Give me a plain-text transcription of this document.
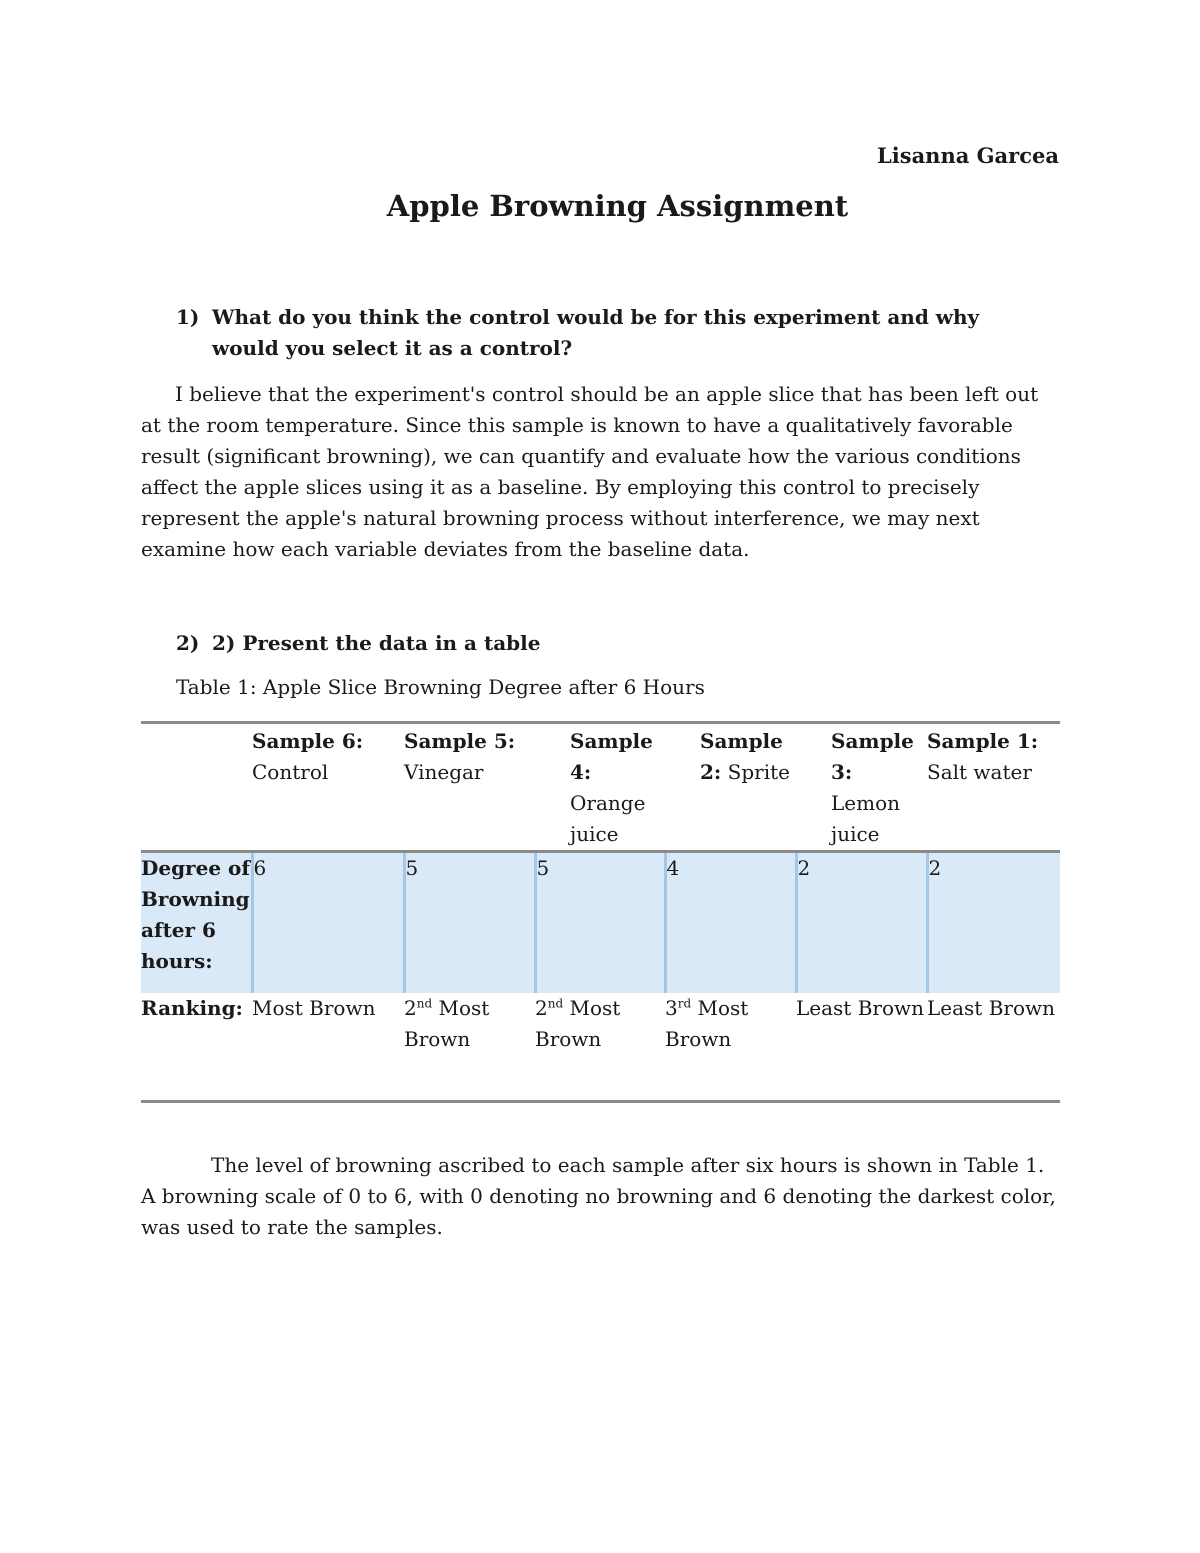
Lisanna Garcea

Apple Browning Assignment
1) What do you think the control would be for this experiment and why would you select it as a control?

I believe that the experiment's control should be an apple slice that has been left out at the room temperature. Since this sample is known to have a qualitatively favorable result (significant browning), we can quantify and evaluate how the various conditions affect the apple slices using it as a baseline. By employing this control to precisely represent the apple's natural browning process without interference, we may next examine how each variable deviates from the baseline data.

2) 2) Present the data in a table

Table 1: Apple Slice Browning Degree after 6 Hours

	Sample 6: Control	Sample 5: Vinegar	Sample 4: Orange juice	Sample 2: Sprite	Sample 3: Lemon juice	Sample 1: Salt water
Degree of Browning after 6 hours:	6	5	5	4	2	2
Ranking:	Most Brown	2nd Most Brown	2nd Most Brown	3rd Most Brown	Least Brown	Least Brown

The level of browning ascribed to each sample after six hours is shown in Table 1. A browning scale of 0 to 6, with 0 denoting no browning and 6 denoting the darkest color, was used to rate the samples.
